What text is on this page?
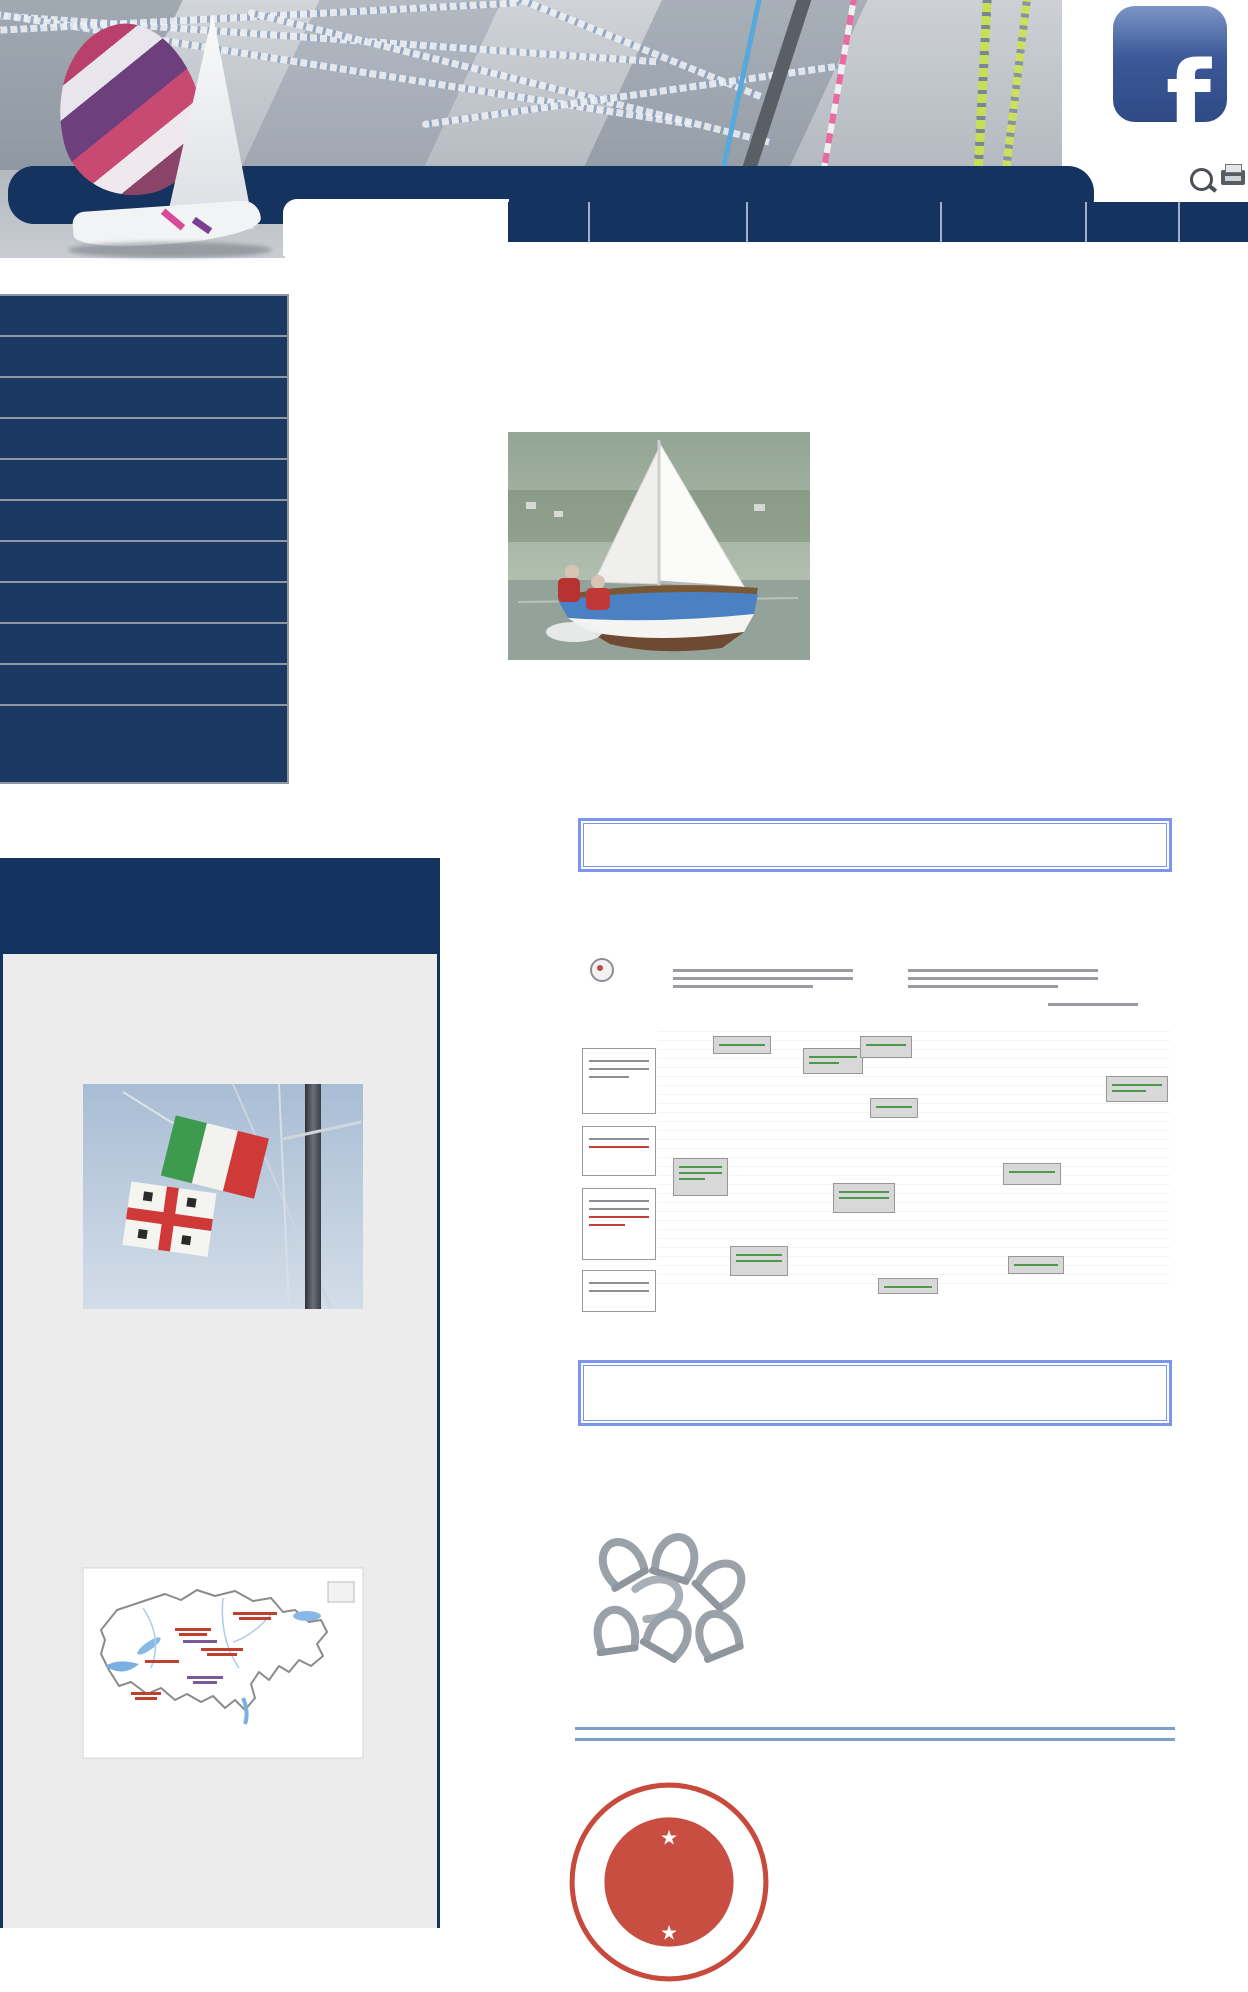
f

★
★
